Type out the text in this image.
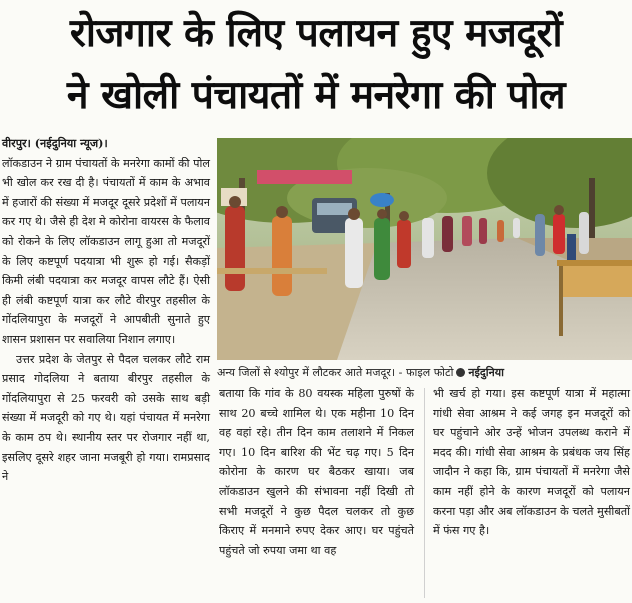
रोजगार के लिए पलायन हुए मजदूरों
ने खोली पंचायतों में मनरेगा की पोल

वीरपुर। (नईदुनिया न्यूज)।

लॉकडाउन ने ग्राम पंचायतों के मनरेगा कामों की पोल भी खोल कर रख दी है। पंचायतों में काम के अभाव में हजारों की संख्या में मजदूर दूसरे प्रदेशों में पलायन कर गए थे। जैसे ही देश मे कोरोना वायरस के फैलाव को रोकने के लिए लॉकडाउन लागू हुआ तो मजदूरों के लिए कष्टपूर्ण पदयात्रा भी शुरू हो गई। सैकड़ों किमी लंबी पदयात्रा कर मजदूर वापस लौटे हैं। ऐसी ही लंबी कष्टपूर्ण यात्रा कर लौटे वीरपुर तहसील के गोंदलियापुरा के मजदूरों ने आपबीती सुनाते हुए शासन प्रशासन पर सवालिया निशान लगाए।

उत्तर प्रदेश के जेतपुर से पैदल चलकर लौटे राम प्रसाद गोदलिया ने बताया बीरपुर तहसील के गोंदलियापुरा से 25 फरवरी को उसके साथ बड़ी संख्या में मजदूरी को गए थे। यहां पंचायत में मनरेगा के काम ठप थे। स्थानीय स्तर पर रोजगार नहीं था, इसलिए दूसरे शहर जाना मजबूरी हो गया। रामप्रसाद ने

अन्य जिलों से श्योपुर में लौटकर आते मजदूर। - फाइल फोटो नईदुनिया

बताया कि गांव के 80 वयस्क महिला पुरुषों के साथ 20 बच्चे शामिल थे। एक महीना 10 दिन वह वहां रहे। तीन दिन काम तलाशने में निकल गए। 10 दिन बारिश की भेंट चढ़ गए। 5 दिन कोरोना के कारण घर बैठकर खाया। जब लॉकडाउन खुलने की संभावना नहीं दिखी तो सभी मजदूरों ने कुछ पैदल चलकर तो कुछ किराए में मनमाने रुपए देकर आए। घर पहुंचते पहुंचते जो रुपया जमा था वह

भी खर्च हो गया। इस कष्टपूर्ण यात्रा में महात्मा गांधी सेवा आश्रम ने कई जगह इन मजदूरों को घर पहुंचाने ओर उन्हें भोजन उपलब्ध कराने में मदद की। गांधी सेवा आश्रम के प्रबंधक जय सिंह जादौन ने कहा कि, ग्राम पंचायतों में मनरेगा जैसे काम नहीं होने के कारण मजदूरों को पलायन करना पड़ा और अब लॉकडाउन के चलते मुसीबतों में फंस गए है।
